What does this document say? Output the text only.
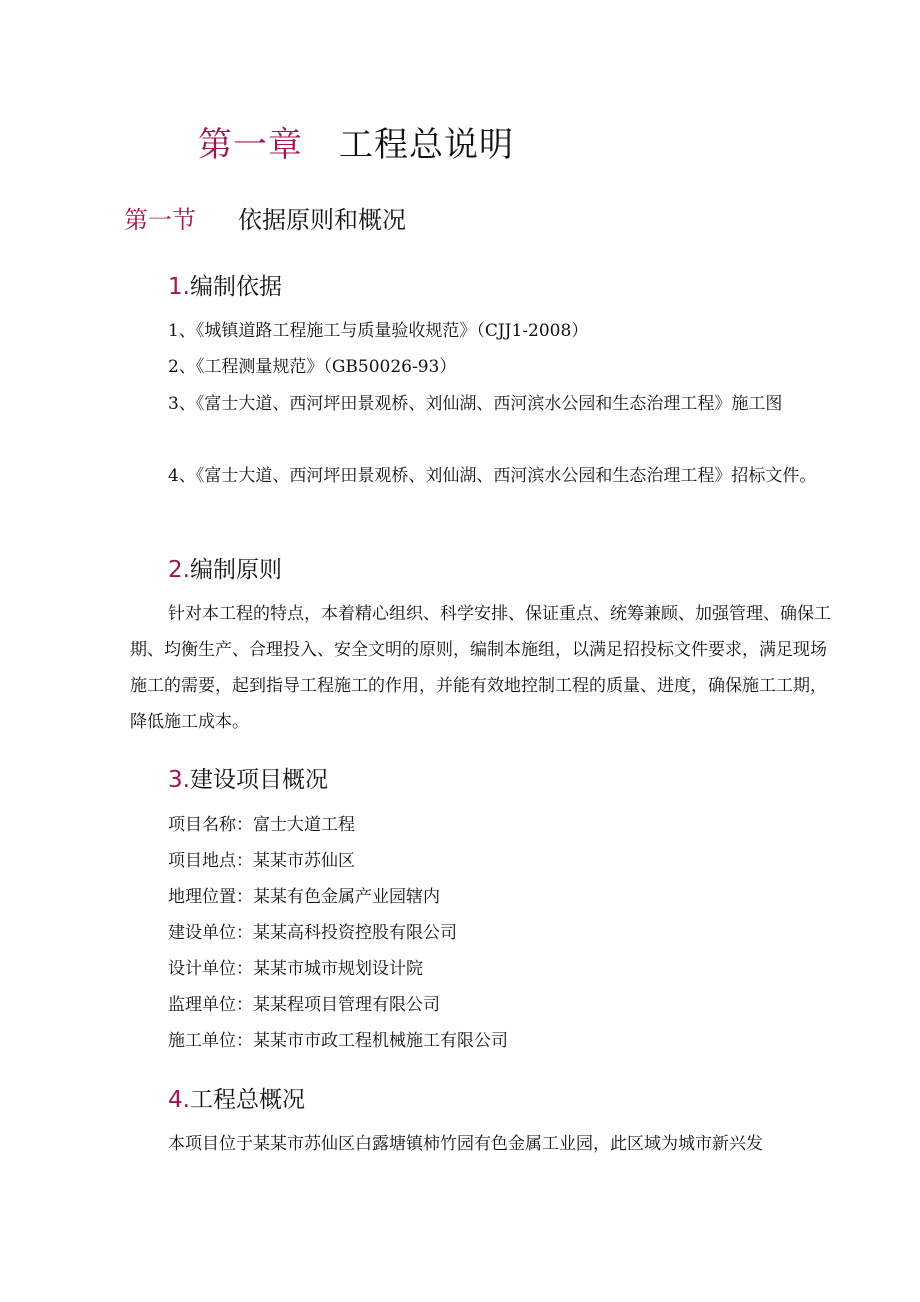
第一章 工程总说明
第一节 依据原则和概况
1.编制依据
1、《城镇道路工程施工与质量验收规范》（CJJ1-2008）
2、《工程测量规范》（GB50026-93）
3、《富士大道、西河坪田景观桥、刘仙湖、西河滨水公园和生态治理工程》施工图
4、《富士大道、西河坪田景观桥、刘仙湖、西河滨水公园和生态治理工程》招标文件。
2.编制原则
针对本工程的特点，本着精心组织、科学安排、保证重点、统筹兼顾、加强管理、确保工期、均衡生产、合理投入、安全文明的原则，编制本施组，以满足招投标文件要求，满足现场施工的需要，起到指导工程施工的作用，并能有效地控制工程的质量、进度，确保施工工期，降低施工成本。
3.建设项目概况
项目名称：富士大道工程
项目地点：某某市苏仙区
地理位置：某某有色金属产业园辖内
建设单位：某某高科投资控股有限公司
设计单位：某某市城市规划设计院
监理单位：某某程项目管理有限公司
施工单位：某某市市政工程机械施工有限公司
4.工程总概况
本项目位于某某市苏仙区白露塘镇柿竹园有色金属工业园，此区域为城市新兴发
